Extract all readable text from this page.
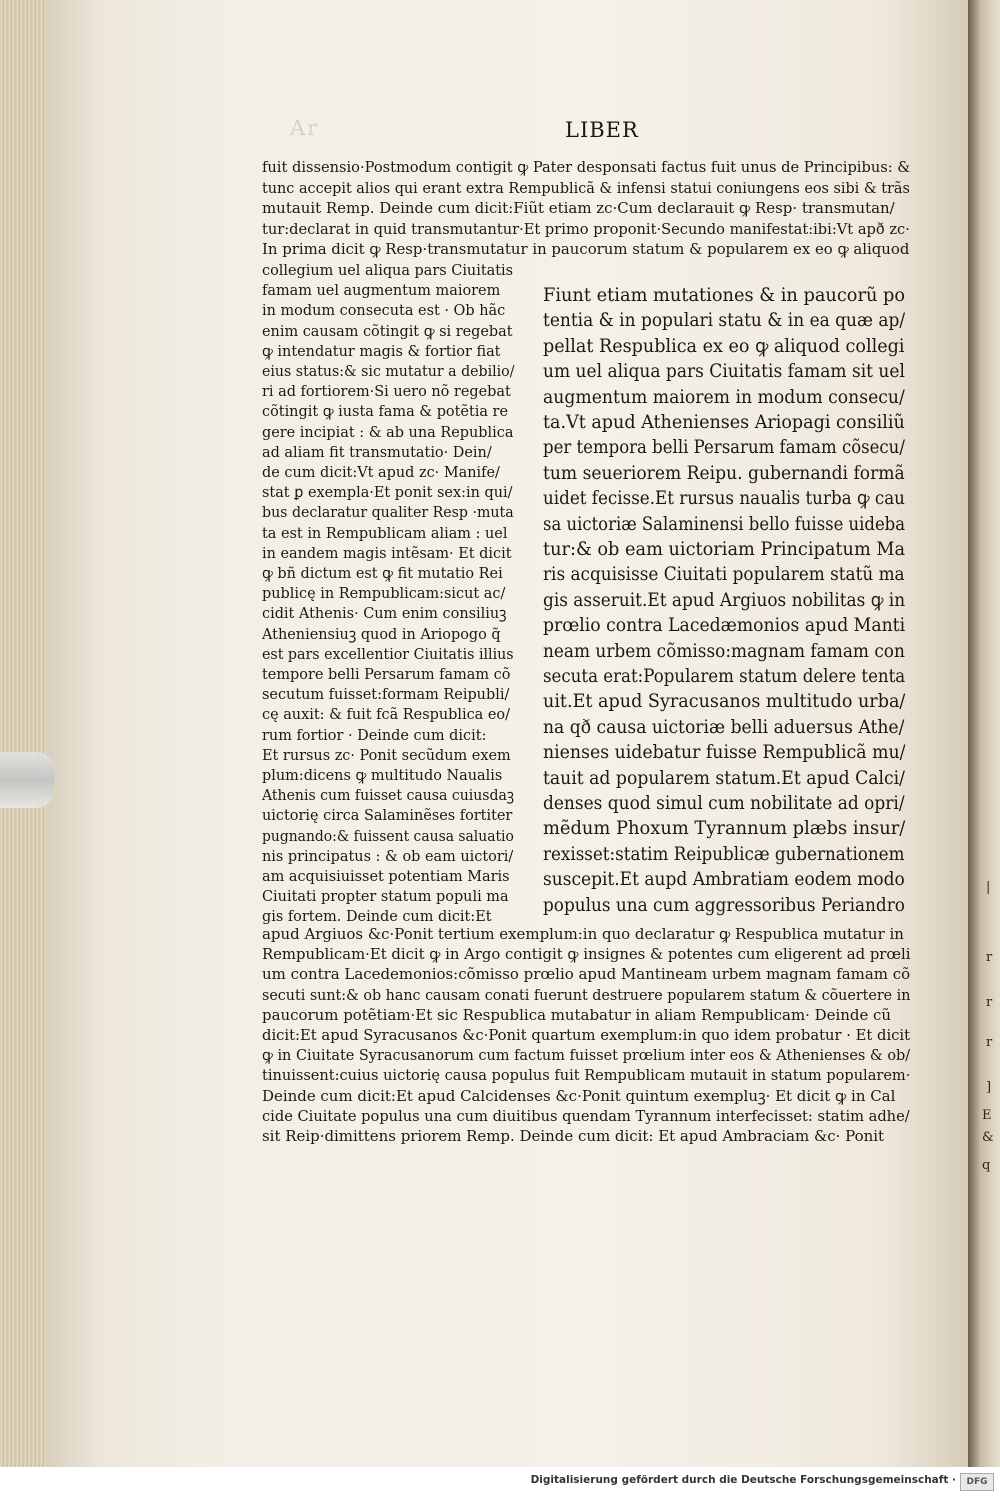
Ar	LIBER
fuit dissensio·Postmodum contigit ꝙ Pater desponsati factus fuit unus de Principibus: &
tunc accepit alios qui erant extra Rempublicã & infensi statui coniungens eos sibi & trãs
mutauit Remp. Deinde cum dicit:Fiũt etiam zc·Cum declarauit ꝙ Resp· transmutan/
tur:declarat in quid transmutantur·Et primo proponit·Secundo manifestat:ibi:Vt apð zc·
In prima dicit ꝙ Resp·transmutatur in paucorum statum & popularem ex eo ꝙ aliquod
collegium uel aliqua pars Ciuitatis
famam uel augmentum maiorem
in modum consecuta est · Ob hãc
enim causam cõtingit ꝙ si regebat
ꝙ intendatur magis & fortior fiat
eius status:& sic mutatur a debilio/
ri ad fortiorem·Si uero nõ regebat
cõtingit ꝙ iusta fama & potẽtia re
gere incipiat : & ab una Republica
ad aliam fit transmutatio· Dein/
de cum dicit:Vt apud zc· Manife/
stat ꝑ exempla·Et ponit sex:in qui/
bus declaratur qualiter Resp ·muta
ta est in Rempublicam aliam : uel
in eandem magis intẽsam· Et dicit
ꝙ bñ dictum est ꝙ fit mutatio Rei
publicę in Rempublicam:sicut ac/
cidit Athenis· Cum enim consiliuꝫ
Atheniensiuꝫ quod in Ariopogo q̃
est pars excellentior Ciuitatis illius
tempore belli Persarum famam cõ
secutum fuisset:formam Reipubli/
cę auxit: & fuit fcã Respublica eo/
rum fortior · Deinde cum dicit:
Et rursus zc· Ponit secũdum exem
plum:dicens ꝙ multitudo Naualis
Athenis cum fuisset causa cuiusdaꝫ
uictorię circa Salaminẽses fortiter
pugnando:& fuissent causa saluatio
nis principatus : & ob eam uictori/
am acquisiuisset potentiam Maris
Ciuitati propter statum populi ma
gis fortem. Deinde cum dicit:Et
Fiunt etiam mutationes & in paucorũ po
tentia & in populari statu & in ea quæ ap/
pellat Respublica ex eo ꝙ aliquod collegi
um uel aliqua pars Ciuitatis famam sit uel
augmentum maiorem in modum consecu/
ta.Vt apud Athenienses Ariopagi consiliũ
per tempora belli Persarum famam cõsecu/
tum seueriorem Reipu. gubernandi formã
uidet fecisse.Et rursus naualis turba ꝙ cau
sa uictoriæ Salaminensi bello fuisse uideba
tur:& ob eam uictoriam Principatum Ma
ris acquisisse Ciuitati popularem statũ ma
gis asseruit.Et apud Argiuos nobilitas ꝙ in
prœlio contra Lacedæmonios apud Manti
neam urbem cõmisso:magnam famam con
secuta erat:Popularem statum delere tenta
uit.Et apud Syracusanos multitudo urba/
na qð causa uictoriæ belli aduersus Athe/
nienses uidebatur fuisse Rempublicã mu/
tauit ad popularem statum.Et apud Calci/
denses quod simul cum nobilitate ad opri/
mẽdum Phoxum Tyrannum plæbs insur/
rexisset:statim Reipublicæ gubernationem
suscepit.Et aupd Ambratiam eodem modo
populus una cum aggressoribus Periandro
apud Argiuos &c·Ponit tertium exemplum:in quo declaratur ꝙ Respublica mutatur in
Rempublicam·Et dicit ꝙ in Argo contigit ꝙ insignes & potentes cum eligerent ad prœli
um contra Lacedemonios:cõmisso prœlio apud Mantineam urbem magnam famam cõ
secuti sunt:& ob hanc causam conati fuerunt destruere popularem statum & cõuertere in
paucorum potẽtiam·Et sic Respublica mutabatur in aliam Rempublicam· Deinde cũ
dicit:Et apud Syracusanos &c·Ponit quartum exemplum:in quo idem probatur · Et dicit
ꝙ in Ciuitate Syracusanorum cum factum fuisset prœlium inter eos & Athenienses & ob/
tinuissent:cuius uictorię causa populus fuit Rempublicam mutauit in statum popularem·
Deinde cum dicit:Et apud Calcidenses &c·Ponit quintum exempluꝫ· Et dicit ꝙ in Cal
cide Ciuitate populus una cum diuitibus quendam Tyrannum interfecisset: statim adhe/
sit Reip·dimittens priorem Remp. Deinde cum dicit: Et apud Ambraciam &c· Ponit
E
&
q
|
r
r
r
]
Digitalisierung gefördert durch die Deutsche Forschungsgemeinschaft ·	DFG
